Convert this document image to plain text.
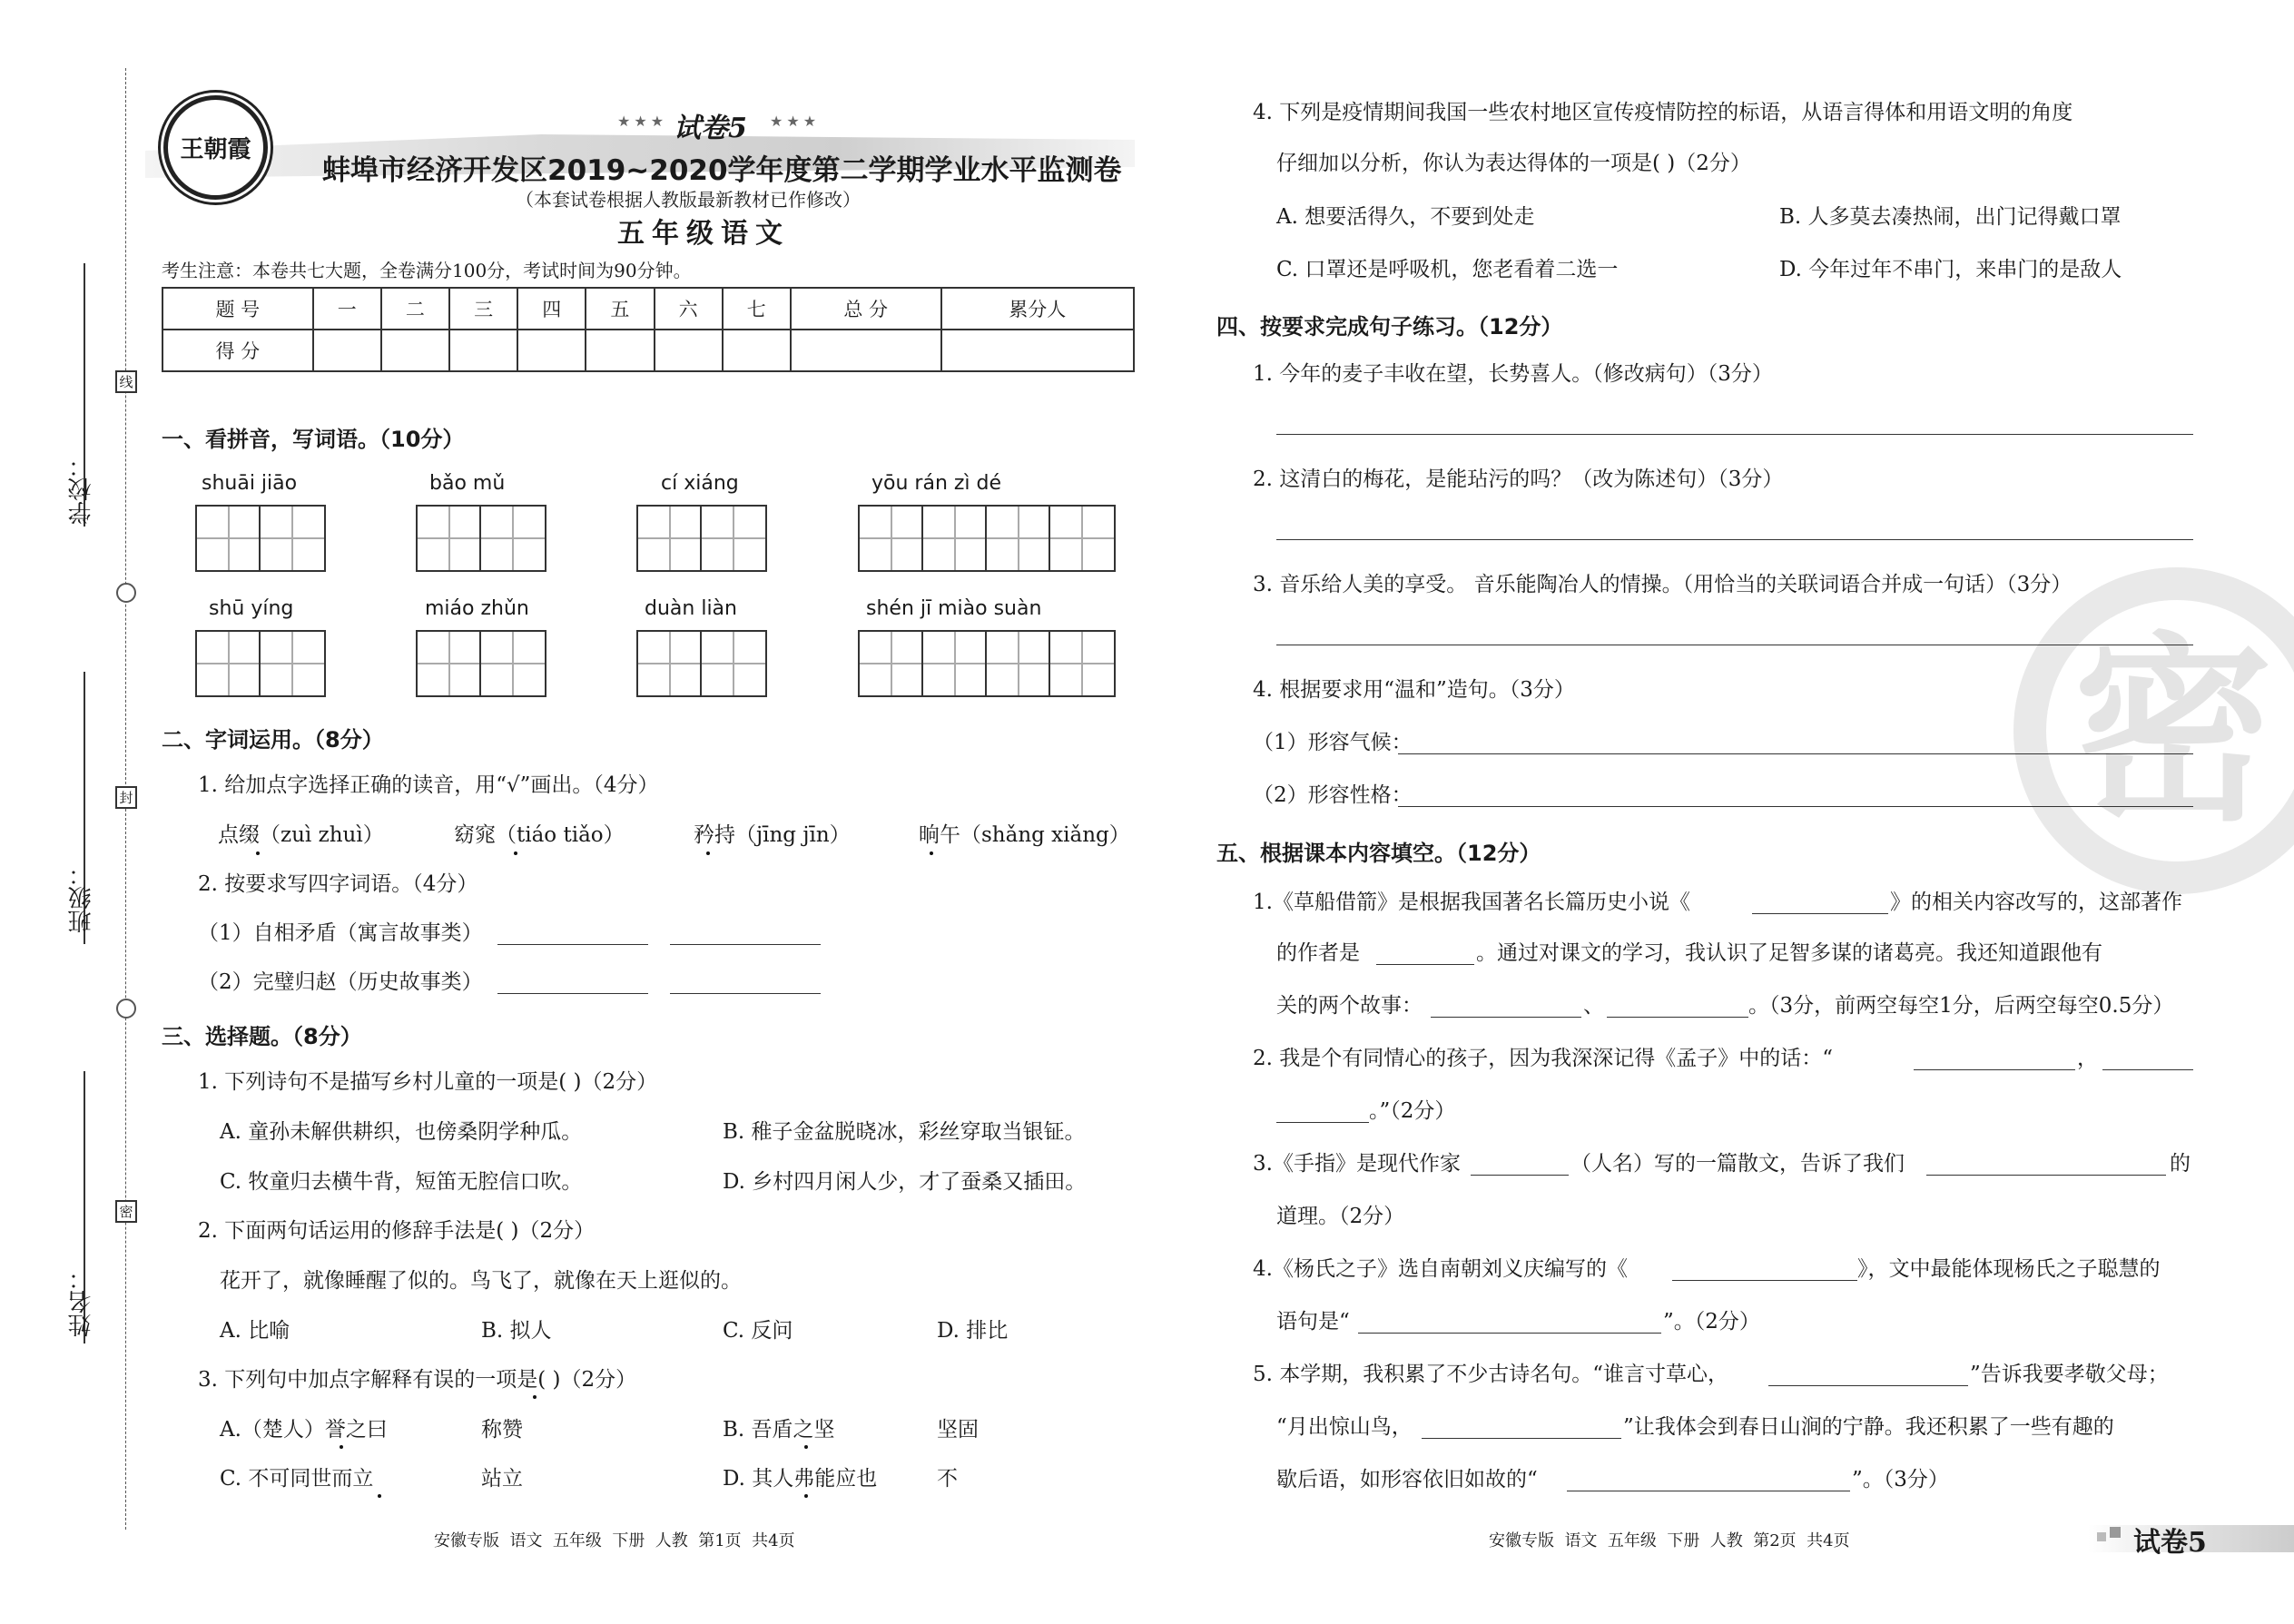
学校：
班级：
姓名：
线
封
密
王朝霞
★★★ 试卷5 ★★★
蚌埠市经济开发区2019~2020学年度第二学期学业水平监测卷
（本套试卷根据人教版最新教材已作修改）
五年级语文
考生注意：本卷共七大题，全卷满分100分，考试时间为90分钟。
题 号	一	二	三	四	五	六	七	总 分	累分人
得 分									
一、看拼音，写词语。（10分）
shuāi jiāo	bǎo mǔ	cí xiáng	yōu rán zì dé
shū yíng	miáo zhǔn	duàn liàn	shén jī miào suàn
二、字词运用。（8分）
1. 给加点字选择正确的读音，用“√”画出。（4分）
点缀（zuì zhuì）	窈窕（tiáo tiǎo）	矜持（jīng jīn）	晌午（shǎng xiǎng）
2. 按要求写四字词语。（4分）
（1）自相矛盾（寓言故事类）
（2）完璧归赵（历史故事类）
三、选择题。（8分）
1. 下列诗句不是描写乡村儿童的一项是( )（2分）
A. 童孙未解供耕织，也傍桑阴学种瓜。	B. 稚子金盆脱晓冰，彩丝穿取当银钲。
C. 牧童归去横牛背，短笛无腔信口吹。	D. 乡村四月闲人少，才了蚕桑又插田。
2. 下面两句话运用的修辞手法是( )（2分）
花开了，就像睡醒了似的。鸟飞了，就像在天上逛似的。
A. 比喻	B. 拟人	C. 反问	D. 排比
3. 下列句中加点字解释有误的一项是( )（2分）
A.（楚人）誉之曰	称赞	B. 吾盾之坚	坚固
C. 不可同世而立	站立	D. 其人弗能应也	不
安徽专版  语文  五年级  下册  人教  第1页  共4页
密
4. 下列是疫情期间我国一些农村地区宣传疫情防控的标语，从语言得体和用语文明的角度
仔细加以分析，你认为表达得体的一项是( )（2分）
A. 想要活得久，不要到处走	B. 人多莫去凑热闹，出门记得戴口罩
C. 口罩还是呼吸机，您老看着二选一	D. 今年过年不串门，来串门的是敌人
四、按要求完成句子练习。（12分）
1. 今年的麦子丰收在望，长势喜人。（修改病句）（3分）
2. 这清白的梅花，是能玷污的吗？（改为陈述句）（3分）
3. 音乐给人美的享受。 音乐能陶冶人的情操。（用恰当的关联词语合并成一句话）（3分）
4. 根据要求用“温和”造句。（3分）
（1）形容气候：
（2）形容性格：
五、根据课本内容填空。（12分）
1.《草船借箭》是根据我国著名长篇历史小说《	》的相关内容改写的，这部著作
的作者是	。通过对课文的学习，我认识了足智多谋的诸葛亮。我还知道跟他有
关的两个故事：	、	。（3分，前两空每空1分，后两空每空0.5分）
2. 我是个有同情心的孩子，因为我深深记得《孟子》中的话：“	，
。”（2分）
3.《手指》是现代作家	（人名）写的一篇散文，告诉了我们	的
道理。（2分）
4.《杨氏之子》选自南朝刘义庆编写的《	》，文中最能体现杨氏之子聪慧的
语句是“	”。（2分）
5. 本学期，我积累了不少古诗名句。“谁言寸草心，	”告诉我要孝敬父母；
“月出惊山鸟，	”让我体会到春日山涧的宁静。我还积累了一些有趣的
歇后语，如形容依旧如故的“	”。（3分）
安徽专版  语文  五年级  下册  人教  第2页  共4页	试卷5
